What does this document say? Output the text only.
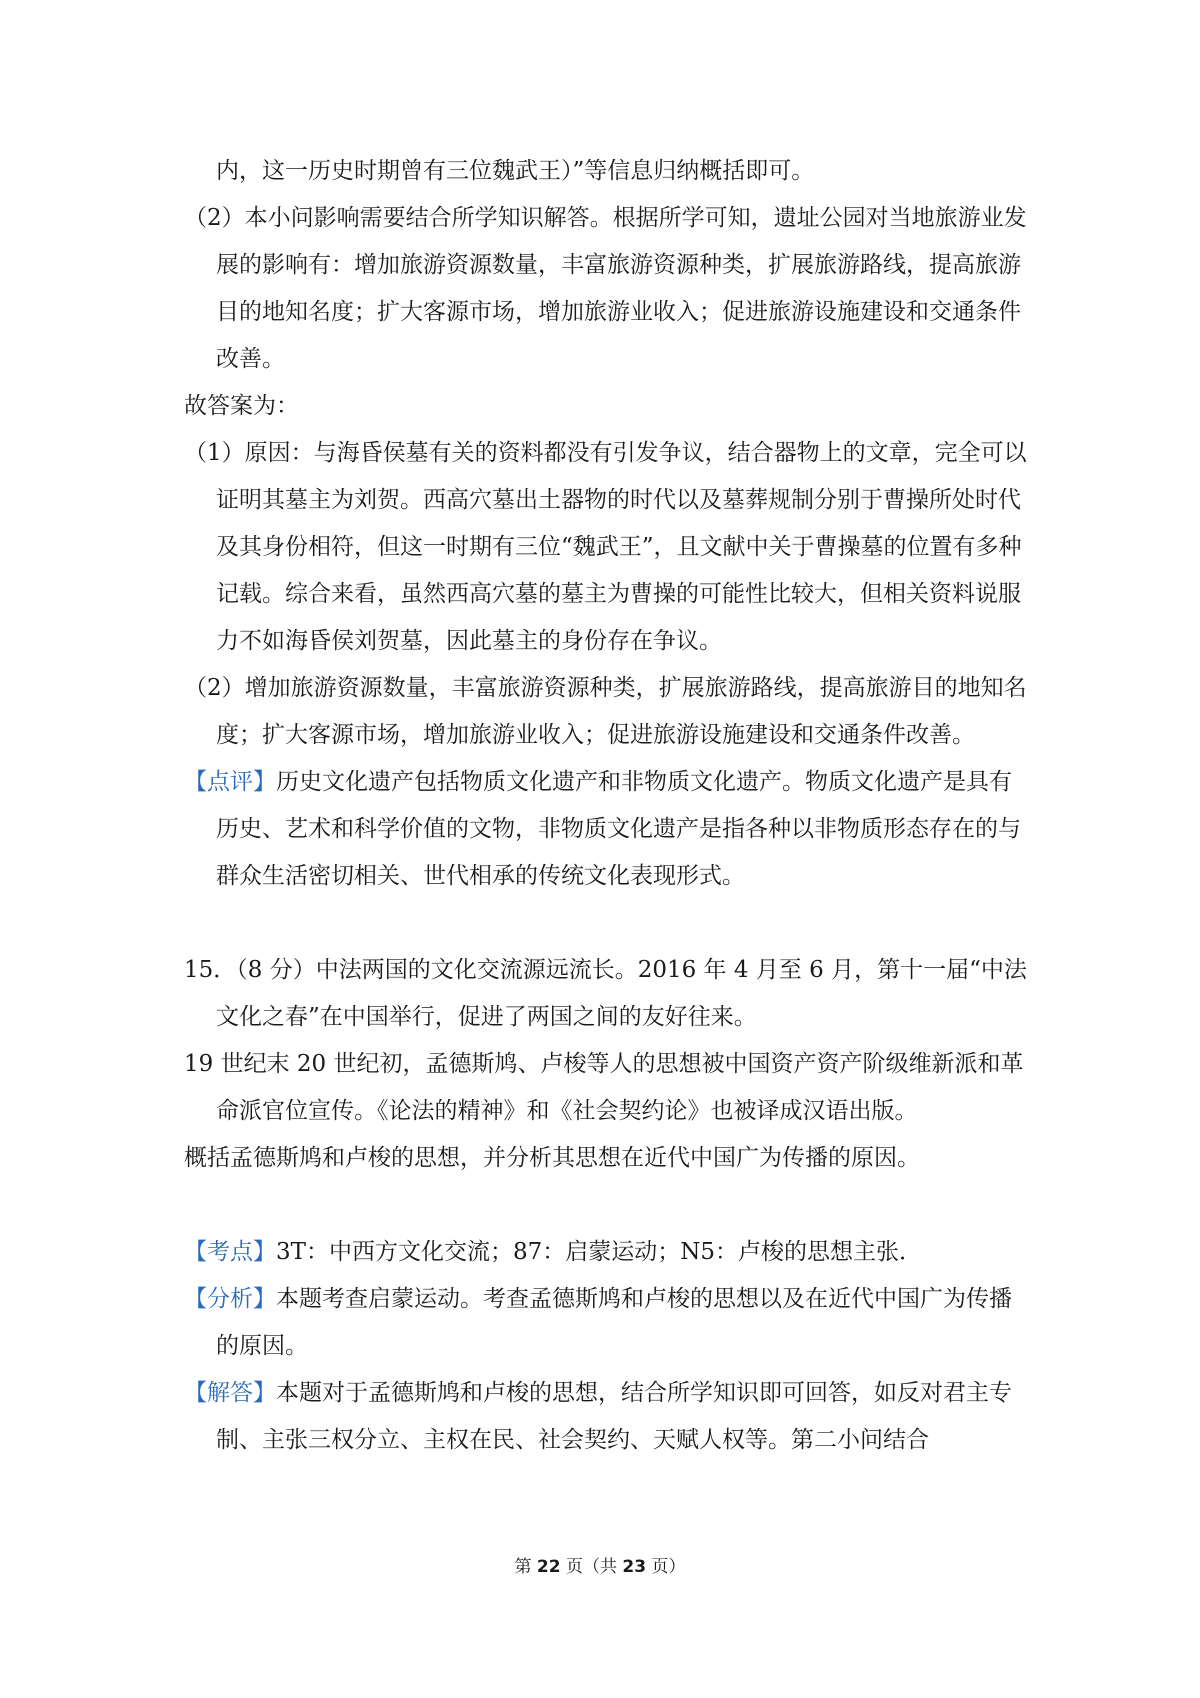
内，这一历史时期曾有三位魏武王）”等信息归纳概括即可。

（2）本小问影响需要结合所学知识解答。根据所学可知，遗址公园对当地旅游业发展的影响有：增加旅游资源数量，丰富旅游资源种类，扩展旅游路线，提高旅游目的地知名度；扩大客源市场，增加旅游业收入；促进旅游设施建设和交通条件改善。

故答案为：

（1）原因：与海昏侯墓有关的资料都没有引发争议，结合器物上的文章，完全可以证明其墓主为刘贺。西高穴墓出土器物的时代以及墓葬规制分别于曹操所处时代及其身份相符，但这一时期有三位“魏武王”，且文献中关于曹操墓的位置有多种记载。综合来看，虽然西高穴墓的墓主为曹操的可能性比较大，但相关资料说服力不如海昏侯刘贺墓，因此墓主的身份存在争议。

（2）增加旅游资源数量，丰富旅游资源种类，扩展旅游路线，提高旅游目的地知名度；扩大客源市场，增加旅游业收入；促进旅游设施建设和交通条件改善。

【点评】历史文化遗产包括物质文化遗产和非物质文化遗产。物质文化遗产是具有历史、艺术和科学价值的文物，非物质文化遗产是指各种以非物质形态存在的与群众生活密切相关、世代相承的传统文化表现形式。

15．（8 分）中法两国的文化交流源远流长。2016 年 4 月至 6 月，第十一届“中法文化之春”在中国举行，促进了两国之间的友好往来。

19 世纪末 20 世纪初，孟德斯鸠、卢梭等人的思想被中国资产资产阶级维新派和革命派官位宣传。《论法的精神》和《社会契约论》也被译成汉语出版。

概括孟德斯鸠和卢梭的思想，并分析其思想在近代中国广为传播的原因。

【考点】3T：中西方文化交流；87：启蒙运动；N5：卢梭的思想主张．

【分析】本题考查启蒙运动。考查孟德斯鸠和卢梭的思想以及在近代中国广为传播的原因。

【解答】本题对于孟德斯鸠和卢梭的思想，结合所学知识即可回答，如反对君主专制、主张三权分立、主权在民、社会契约、天赋人权等。第二小问结合

第 22 页（共 23 页）
